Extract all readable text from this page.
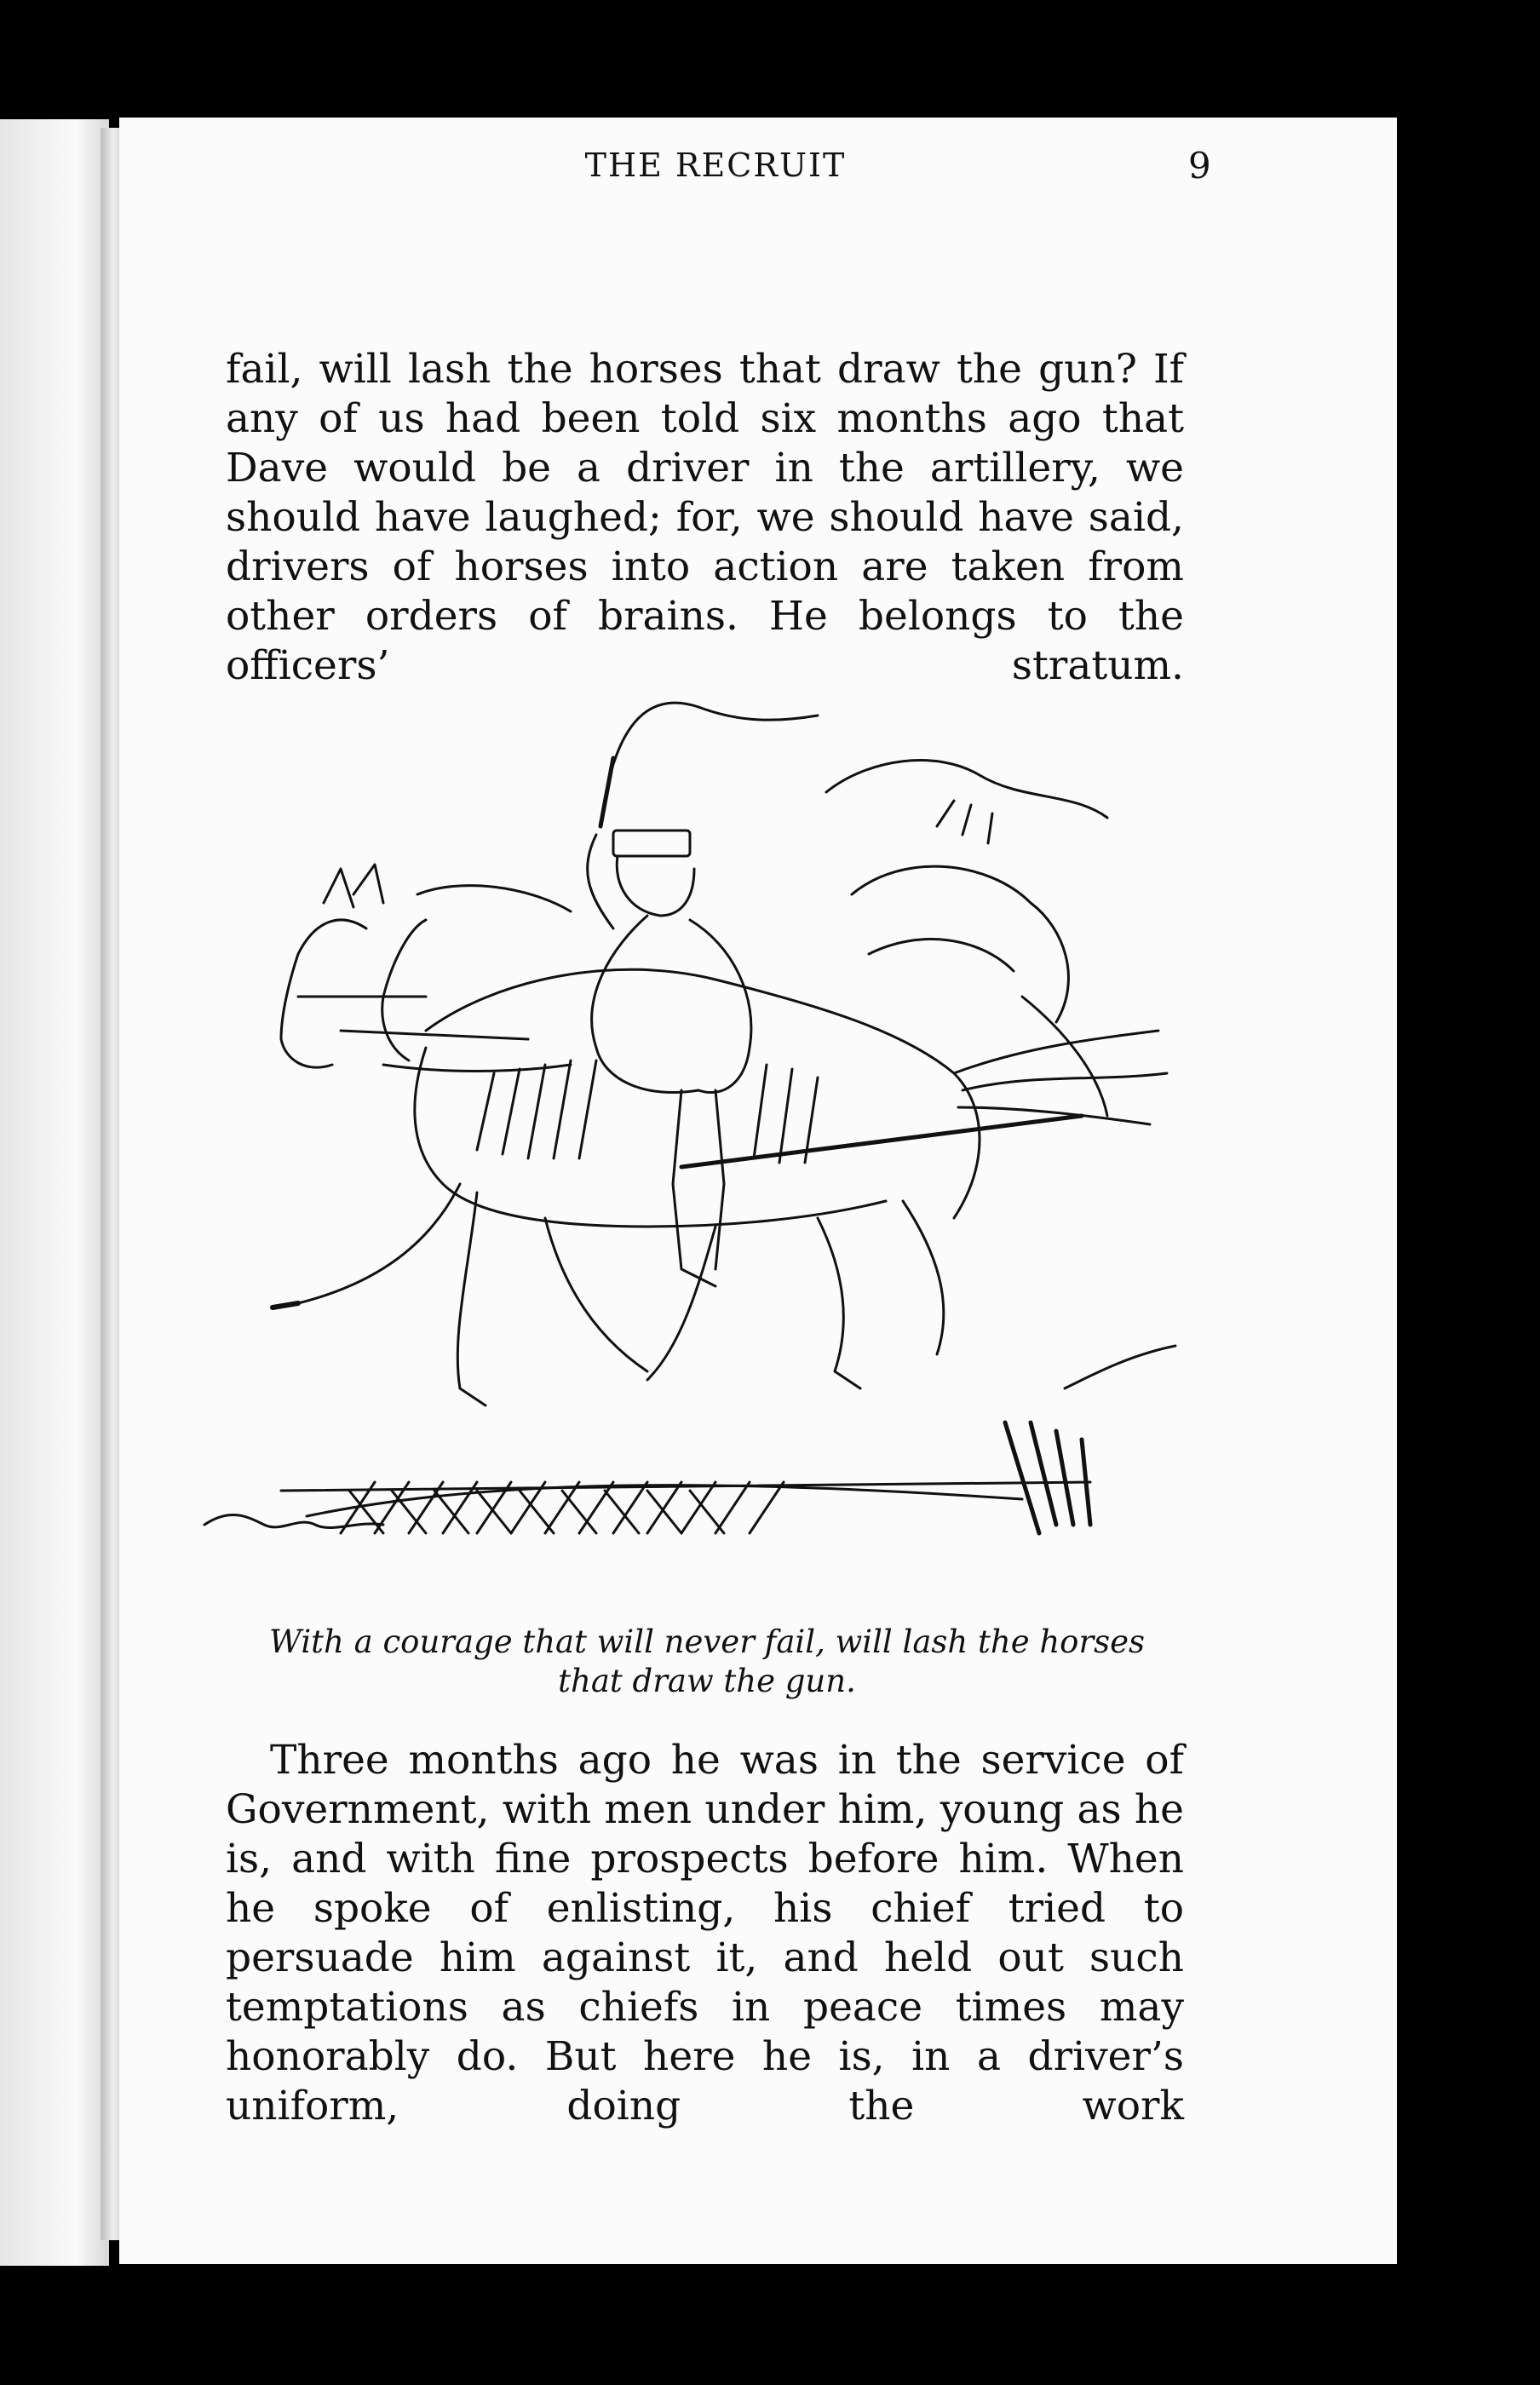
THE RECRUIT	9

fail, will lash the horses that draw the gun? If any of us had been told six months ago that Dave would be a driver in the artillery, we should have laughed; for, we should have said, drivers of horses into action are taken from other orders of brains. He belongs to the officers’ stratum.

With a courage that will never fail, will lash the horses that draw the gun.

Three months ago he was in the service of Government, with men under him, young as he is, and with fine prospects before him. When he spoke of enlisting, his chief tried to persuade him against it, and held out such temptations as chiefs in peace times may honorably do. But here he is, in a driver’s uniform, doing the work
